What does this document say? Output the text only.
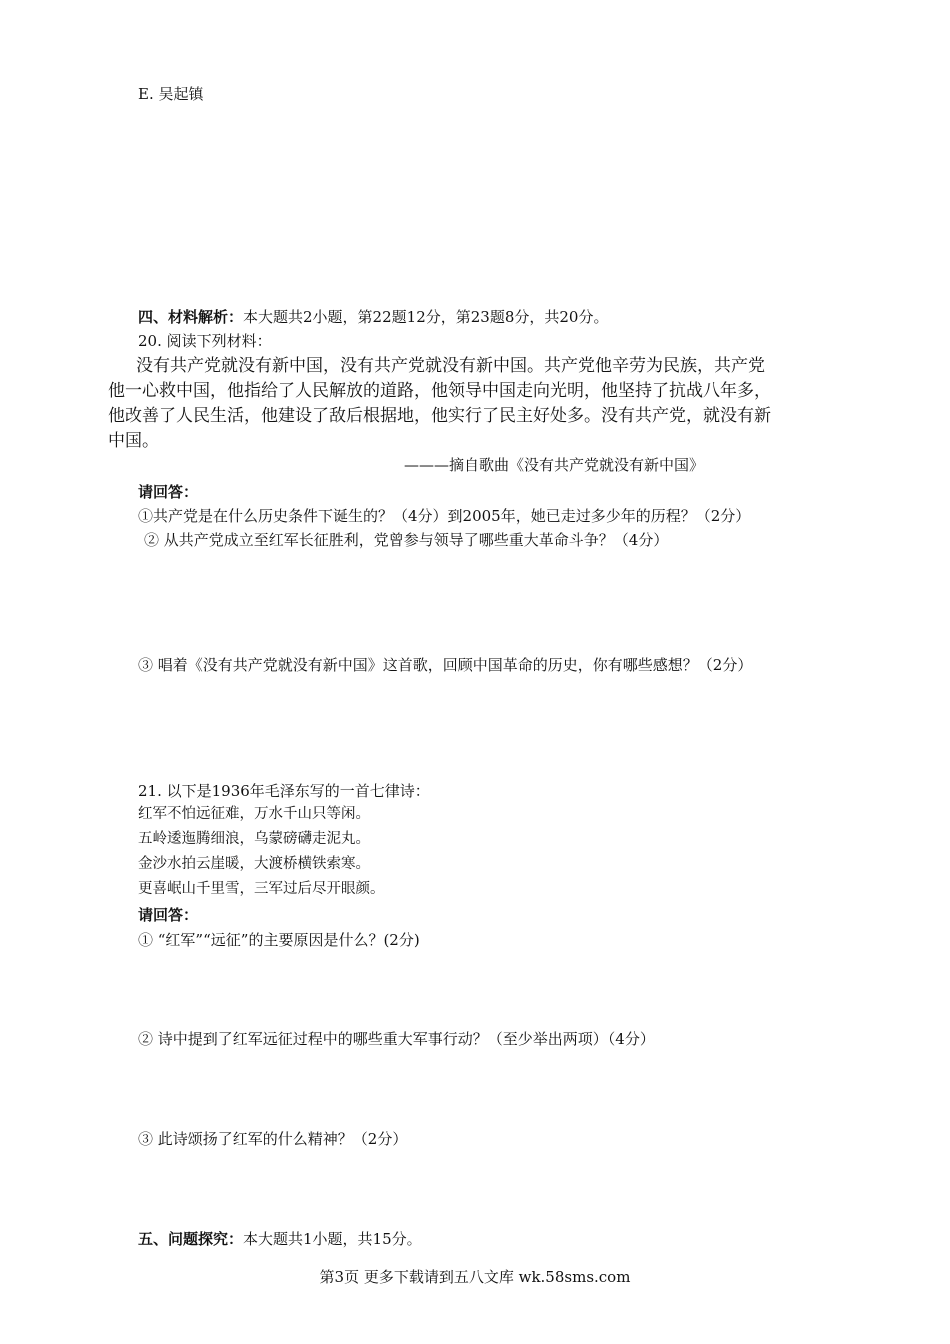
E. 吴起镇
四、材料解析：本大题共2小题，第22题12分，第23题8分，共20分。
20. 阅读下列材料：
没有共产党就没有新中国，没有共产党就没有新中国。共产党他辛劳为民族，共产党
他一心救中国，他指给了人民解放的道路，他领导中国走向光明，他坚持了抗战八年多，
他改善了人民生活，他建设了敌后根据地，他实行了民主好处多。没有共产党，就没有新
中国。
———摘自歌曲《没有共产党就没有新中国》
请回答：
①共产党是在什么历史条件下诞生的？（4分）到2005年，她已走过多少年的历程？（2分）
② 从共产党成立至红军长征胜利，党曾参与领导了哪些重大革命斗争？（4分）
③ 唱着《没有共产党就没有新中国》这首歌，回顾中国革命的历史，你有哪些感想？（2分）
21. 以下是1936年毛泽东写的一首七律诗：
红军不怕远征难，万水千山只等闲。
五岭逶迤腾细浪，乌蒙磅礴走泥丸。
金沙水拍云崖暖，大渡桥横铁索寒。
更喜岷山千里雪，三军过后尽开眼颜。
请回答：
① “红军”“远征”的主要原因是什么？(2分)
② 诗中提到了红军远征过程中的哪些重大军事行动？（至少举出两项）（4分）
③ 此诗颂扬了红军的什么精神？（2分）
五、问题探究：本大题共1小题，共15分。
第3页 更多下载请到五八文库 wk.58sms.com
